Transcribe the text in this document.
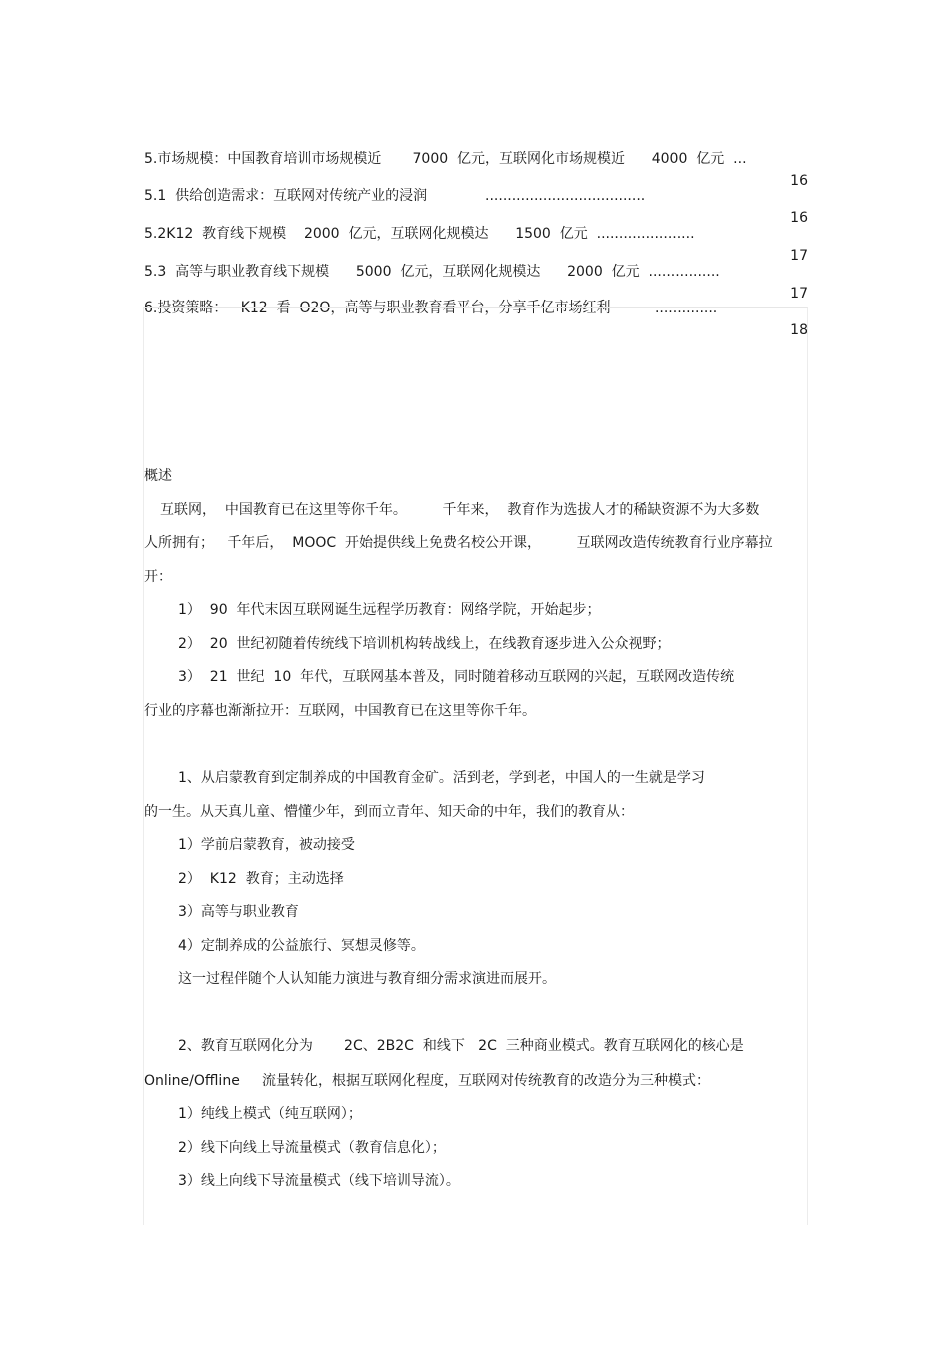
5.市场规模：中国教育培训市场规模近       7000  亿元，互联网化市场规模近      4000  亿元  ...

16

5.1  供给创造需求：互联网对传统产业的浸润             ....................................

16

5.2K12  教育线下规模    2000  亿元，互联网化规模达      1500  亿元  ......................

17

5.3  高等与职业教育线下规模      5000  亿元，互联网化规模达      2000  亿元  ................

17

6.投资策略：   K12  看  O2O，高等与职业教育看平台，分享千亿市场红利          ..............

18

概述
互联网，  中国教育已在这里等你千年。        千年来，  教育作为选拔人才的稀缺资源不为大多数
人所拥有；   千年后，  MOOC  开始提供线上免费名校公开课，        互联网改造传统教育行业序幕拉
开：
1）  90  年代末因互联网诞生远程学历教育：网络学院，开始起步；
2）  20  世纪初随着传统线下培训机构转战线上，在线教育逐步进入公众视野；
3）  21  世纪  10  年代，互联网基本普及，同时随着移动互联网的兴起，互联网改造传统
行业的序幕也渐渐拉开：互联网，中国教育已在这里等你千年。
1、从启蒙教育到定制养成的中国教育金矿。活到老，学到老，中国人的一生就是学习
的一生。从天真儿童、懵懂少年，到而立青年、知天命的中年，我们的教育从：
1）学前启蒙教育，被动接受
2）  K12  教育；主动选择
3）高等与职业教育
4）定制养成的公益旅行、冥想灵修等。
这一过程伴随个人认知能力演进与教育细分需求演进而展开。
2、教育互联网化分为       2C、2B2C  和线下   2C  三种商业模式。教育互联网化的核心是
Online/Offline     流量转化，根据互联网化程度，互联网对传统教育的改造分为三种模式：
1）纯线上模式（纯互联网）；
2）线下向线上导流量模式（教育信息化）；
3）线上向线下导流量模式（线下培训导流）。
